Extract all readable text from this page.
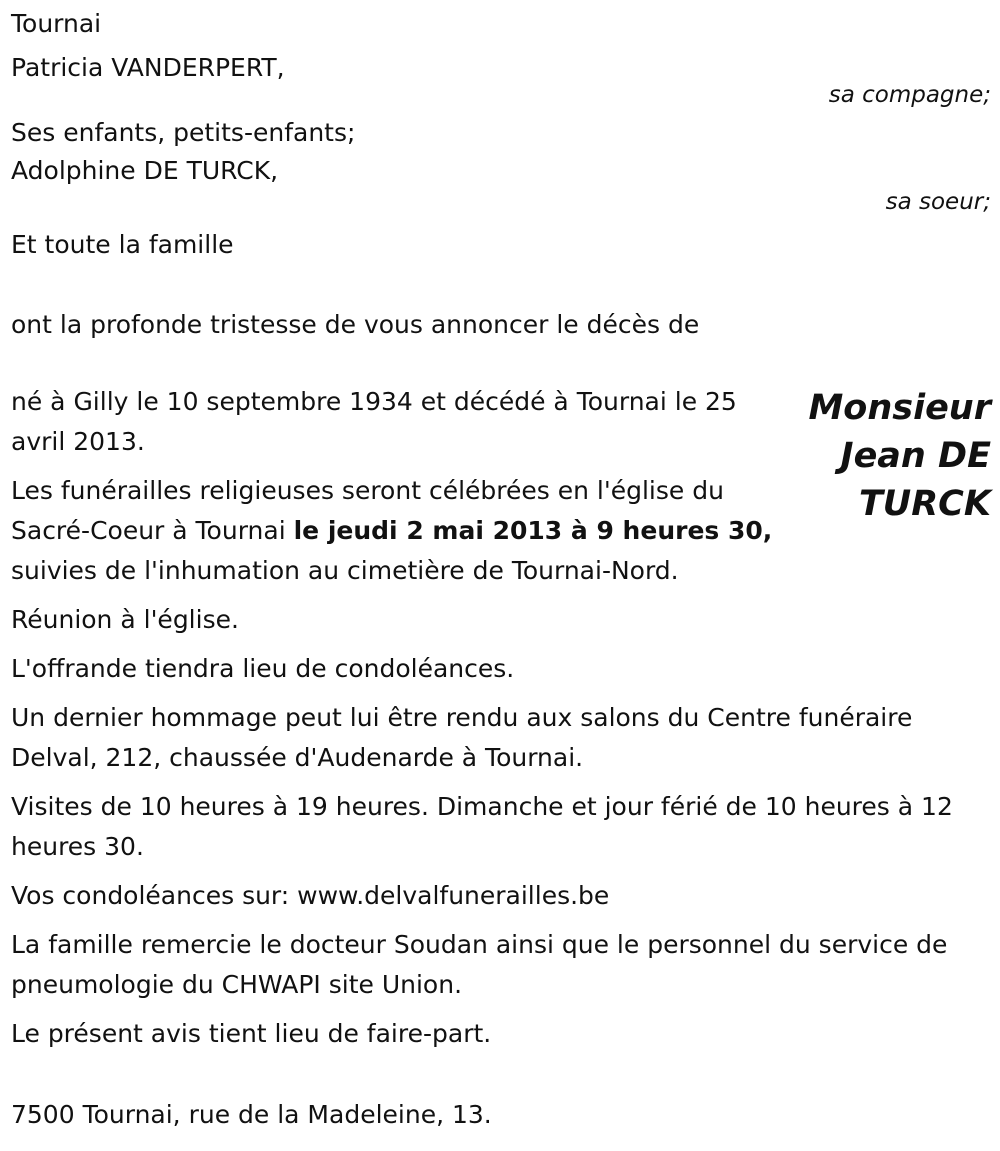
Tournai

Patricia VANDERPERT,

sa compagne;

Ses enfants, petits-enfants;

Adolphine DE TURCK,

sa soeur;

Et toute la famille

ont la profonde tristesse de vous annoncer le décès de

Monsieur
Jean DE
TURCK

né à Gilly le 10 septembre 1934 et décédé à Tournai le 25 avril 2013.

Les funérailles religieuses seront célébrées en l'église du Sacré-Coeur à Tournai le jeudi 2 mai 2013 à 9 heures 30, suivies de l'inhumation au cimetière de Tournai-Nord.

Réunion à l'église.

L'offrande tiendra lieu de condoléances.

Un dernier hommage peut lui être rendu aux salons du Centre funéraire Delval, 212, chaussée d'Audenarde à Tournai.

Visites de 10 heures à 19 heures. Dimanche et jour férié de 10 heures à 12 heures 30.

Vos condoléances sur: www.delvalfunerailles.be

La famille remercie le docteur Soudan ainsi que le personnel du service de pneumologie du CHWAPI site Union.

Le présent avis tient lieu de faire-part.

7500 Tournai, rue de la Madeleine, 13.
